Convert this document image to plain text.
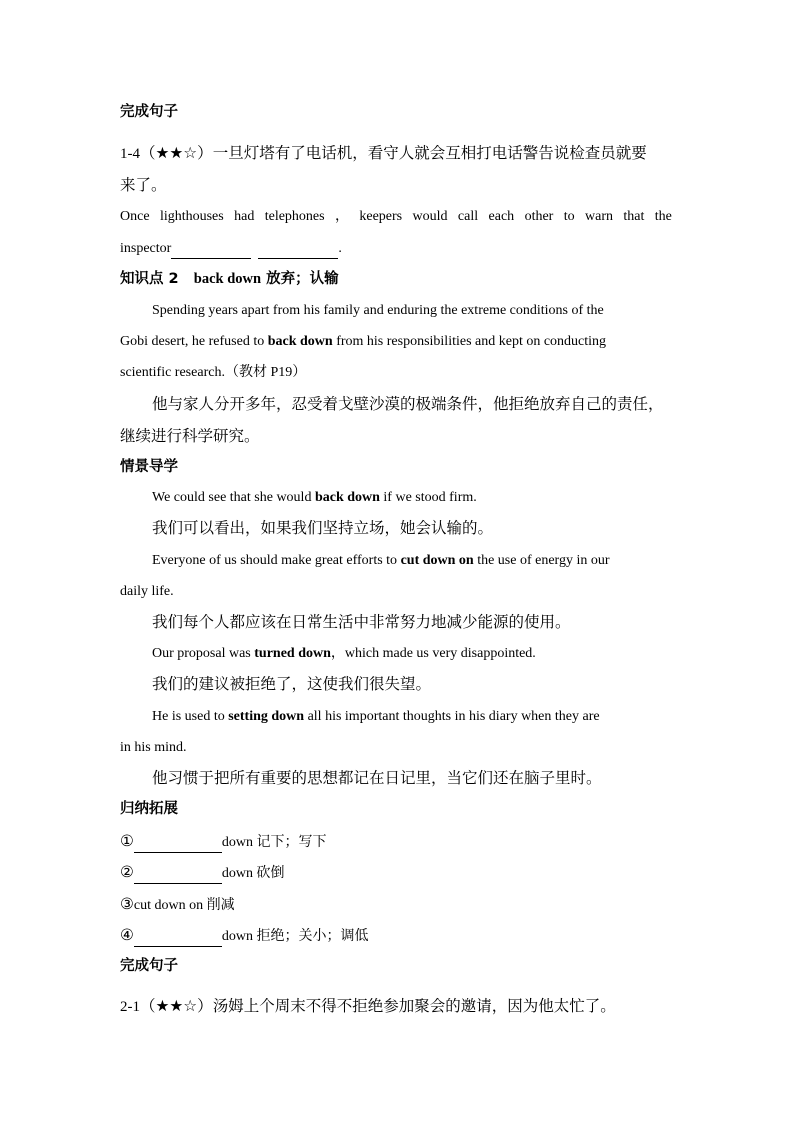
完成句子
1-4（★★☆）一旦灯塔有了电话机，看守人就会互相打电话警告说检查员就要
来了。
Once lighthouses had telephones ， keepers would call each other to warn that the
inspector	.
知识点 2 back down 放弃；认输
Spending years apart from his family and enduring the extreme conditions of the
Gobi desert, he refused to back down from his responsibilities and kept on conducting
scientific research.（教材 P19）
他与家人分开多年，忍受着戈壁沙漠的极端条件，他拒绝放弃自己的责任，
继续进行科学研究。
情景导学
We could see that she would back down if we stood firm.
我们可以看出，如果我们坚持立场，她会认输的。
Everyone of us should make great efforts to cut down on the use of energy in our
daily life.
我们每个人都应该在日常生活中非常努力地减少能源的使用。
Our proposal was turned down，which made us very disappointed.
我们的建议被拒绝了，这使我们很失望。
He is used to setting down all his important thoughts in his diary when they are
in his mind.
他习惯于把所有重要的思想都记在日记里，当它们还在脑子里时。
归纳拓展
①	down 记下；写下
②	down 砍倒
③cut down on 削减
④	down 拒绝；关小；调低
完成句子
2-1（★★☆）汤姆上个周末不得不拒绝参加聚会的邀请，因为他太忙了。
